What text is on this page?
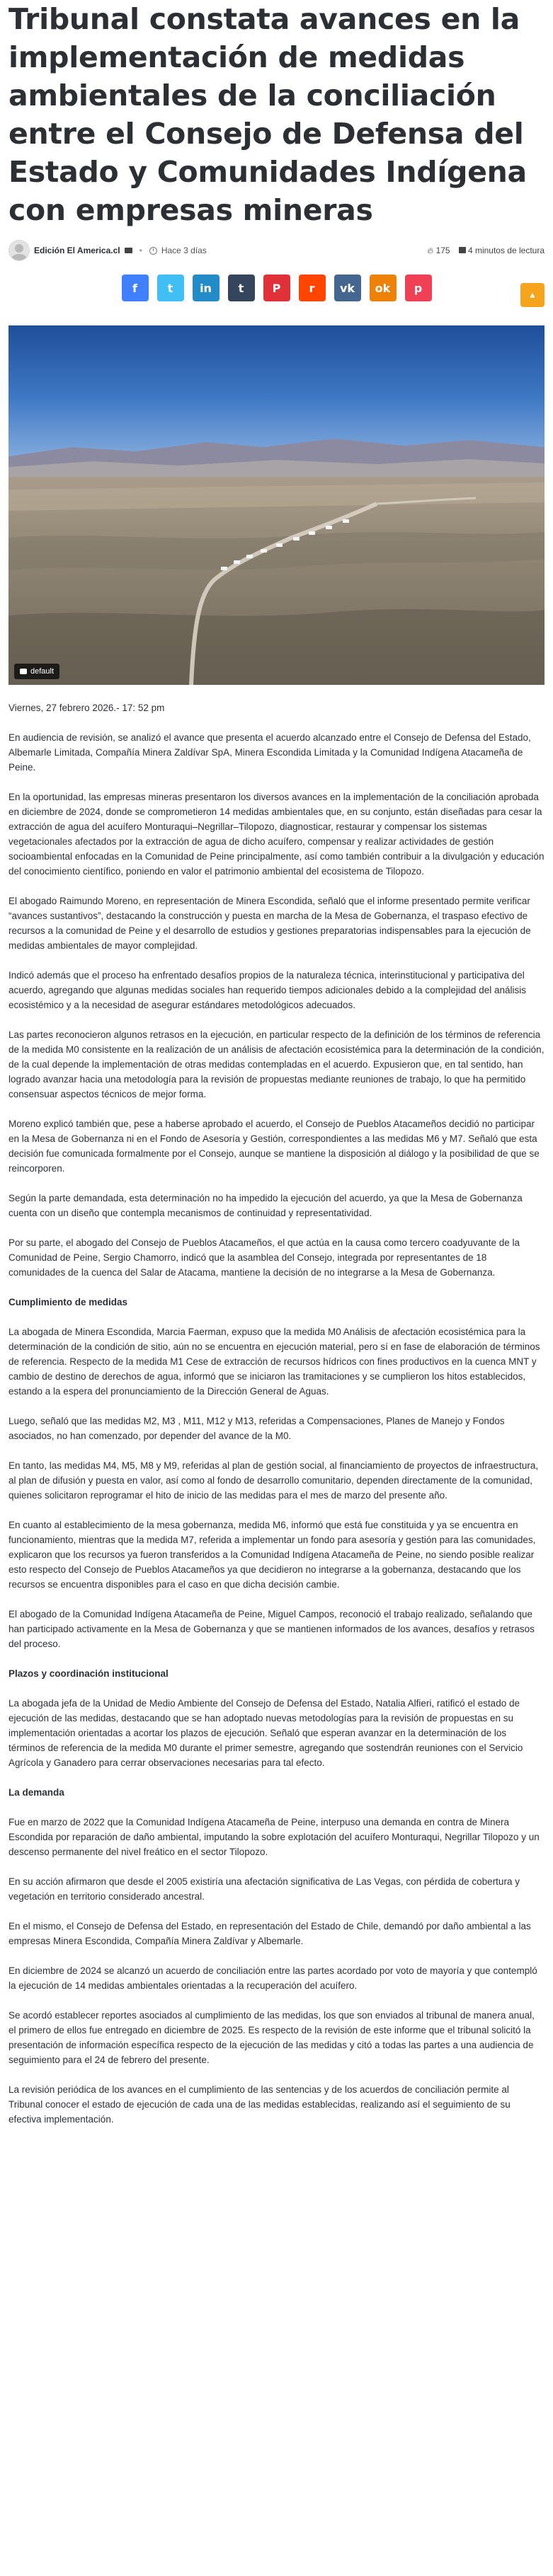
Tribunal constata avances en la implementación de medidas ambientales de la conciliación entre el Consejo de Defensa del Estado y Comunidades Indígena con empresas mineras
Edición El America.cl • Hace 3 días	🔥︎ 175	4 minutos de lectura
f	t in t	P	r vk ok p
▲
default

Viernes, 27 febrero 2026.- 17: 52 pm

En audiencia de revisión, se analizó el avance que presenta el acuerdo alcanzado entre el Consejo de Defensa del Estado, Albemarle Limitada, Compañía Minera Zaldívar SpA, Minera Escondida Limitada y la Comunidad Indígena Atacameña de Peine.

En la oportunidad, las empresas mineras presentaron los diversos avances en la implementación de la conciliación aprobada en diciembre de 2024, donde se comprometieron 14 medidas ambientales que, en su conjunto, están diseñadas para cesar la extracción de agua del acuífero Monturaqui–Negrillar–Tilopozo, diagnosticar, restaurar y compensar los sistemas vegetacionales afectados por la extracción de agua de dicho acuífero, compensar y realizar actividades de gestión socioambiental enfocadas en la Comunidad de Peine principalmente, así como también contribuir a la divulgación y educación del conocimiento científico, poniendo en valor el patrimonio ambiental del ecosistema de Tilopozo.

El abogado Raimundo Moreno, en representación de Minera Escondida, señaló que el informe presentado permite verificar “avances sustantivos”, destacando la construcción y puesta en marcha de la Mesa de Gobernanza, el traspaso efectivo de recursos a la comunidad de Peine y el desarrollo de estudios y gestiones preparatorias indispensables para la ejecución de medidas ambientales de mayor complejidad.

Indicó además que el proceso ha enfrentado desafíos propios de la naturaleza técnica, interinstitucional y participativa del acuerdo, agregando que algunas medidas sociales han requerido tiempos adicionales debido a la complejidad del análisis ecosistémico y a la necesidad de asegurar estándares metodológicos adecuados.

Las partes reconocieron algunos retrasos en la ejecución, en particular respecto de la definición de los términos de referencia de la medida M0 consistente en la realización de un análisis de afectación ecosistémica para la determinación de la condición, de la cual depende la implementación de otras medidas contempladas en el acuerdo. Expusieron que, en tal sentido, han logrado avanzar hacia una metodología para la revisión de propuestas mediante reuniones de trabajo, lo que ha permitido consensuar aspectos técnicos de mejor forma.

Moreno explicó también que, pese a haberse aprobado el acuerdo, el Consejo de Pueblos Atacameños decidió no participar en la Mesa de Gobernanza ni en el Fondo de Asesoría y Gestión, correspondientes a las medidas M6 y M7. Señaló que esta decisión fue comunicada formalmente por el Consejo, aunque se mantiene la disposición al diálogo y la posibilidad de que se reincorporen.

Según la parte demandada, esta determinación no ha impedido la ejecución del acuerdo, ya que la Mesa de Gobernanza cuenta con un diseño que contempla mecanismos de continuidad y representatividad.

Por su parte, el abogado del Consejo de Pueblos Atacameños, el que actúa en la causa como tercero coadyuvante de la Comunidad de Peine, Sergio Chamorro, indicó que la asamblea del Consejo, integrada por representantes de 18 comunidades de la cuenca del Salar de Atacama, mantiene la decisión de no integrarse a la Mesa de Gobernanza.

Cumplimiento de medidas

La abogada de Minera Escondida, Marcia Faerman, expuso que la medida M0 Análisis de afectación ecosistémica para la determinación de la condición de sitio, aún no se encuentra en ejecución material, pero sí en fase de elaboración de términos de referencia. Respecto de la medida M1 Cese de extracción de recursos hídricos con fines productivos en la cuenca MNT y cambio de destino de derechos de agua, informó que se iniciaron las tramitaciones y se cumplieron los hitos establecidos, estando a la espera del pronunciamiento de la Dirección General de Aguas.

Luego, señaló que las medidas M2, M3 , M11, M12 y M13, referidas a Compensaciones, Planes de Manejo y Fondos asociados, no han comenzado, por depender del avance de la M0.

En tanto, las medidas M4, M5, M8 y M9, referidas al plan de gestión social, al financiamiento de proyectos de infraestructura, al plan de difusión y puesta en valor, así como al fondo de desarrollo comunitario, dependen directamente de la comunidad, quienes solicitaron reprogramar el hito de inicio de las medidas para el mes de marzo del presente año.

En cuanto al establecimiento de la mesa gobernanza, medida M6, informó que está fue constituida y ya se encuentra en funcionamiento, mientras que la medida M7, referida a implementar un fondo para asesoría y gestión para las comunidades, explicaron que los recursos ya fueron transferidos a la Comunidad Indígena Atacameña de Peine, no siendo posible realizar esto respecto del Consejo de Pueblos Atacameños ya que decidieron no integrarse a la gobernanza, destacando que los recursos se encuentra disponibles para el caso en que dicha decisión cambie.

El abogado de la Comunidad Indígena Atacameña de Peine, Miguel Campos, reconoció el trabajo realizado, señalando que han participado activamente en la Mesa de Gobernanza y que se mantienen informados de los avances, desafíos y retrasos del proceso.

Plazos y coordinación institucional

La abogada jefa de la Unidad de Medio Ambiente del Consejo de Defensa del Estado, Natalia Alfieri, ratificó el estado de ejecución de las medidas, destacando que se han adoptado nuevas metodologías para la revisión de propuestas en su implementación orientadas a acortar los plazos de ejecución. Señaló que esperan avanzar en la determinación de los términos de referencia de la medida M0 durante el primer semestre, agregando que sostendrán reuniones con el Servicio Agrícola y Ganadero para cerrar observaciones necesarias para tal efecto.

La demanda

Fue en marzo de 2022 que la Comunidad Indígena Atacameña de Peine, interpuso una demanda en contra de Minera Escondida por reparación de daño ambiental, imputando la sobre explotación del acuífero Monturaqui, Negrillar Tilopozo y un descenso permanente del nivel freático en el sector Tilopozo.

En su acción afirmaron que desde el 2005 existiría una afectación significativa de Las Vegas, con pérdida de cobertura y vegetación en territorio considerado ancestral.

En el mismo, el Consejo de Defensa del Estado, en representación del Estado de Chile, demandó por daño ambiental a las empresas Minera Escondida, Compañía Minera Zaldívar y Albemarle.

En diciembre de 2024 se alcanzó un acuerdo de conciliación entre las partes acordado por voto de mayoría y que contempló la ejecución de 14 medidas ambientales orientadas a la recuperación del acuífero.

Se acordó establecer reportes asociados al cumplimiento de las medidas, los que son enviados al tribunal de manera anual, el primero de ellos fue entregado en diciembre de 2025. Es respecto de la revisión de este informe que el tribunal solicitó la presentación de información específica respecto de la ejecución de las medidas y citó a todas las partes a una audiencia de seguimiento para el 24 de febrero del presente.

La revisión periódica de los avances en el cumplimiento de las sentencias y de los acuerdos de conciliación permite al Tribunal conocer el estado de ejecución de cada una de las medidas establecidas, realizando así el seguimiento de su efectiva implementación.
